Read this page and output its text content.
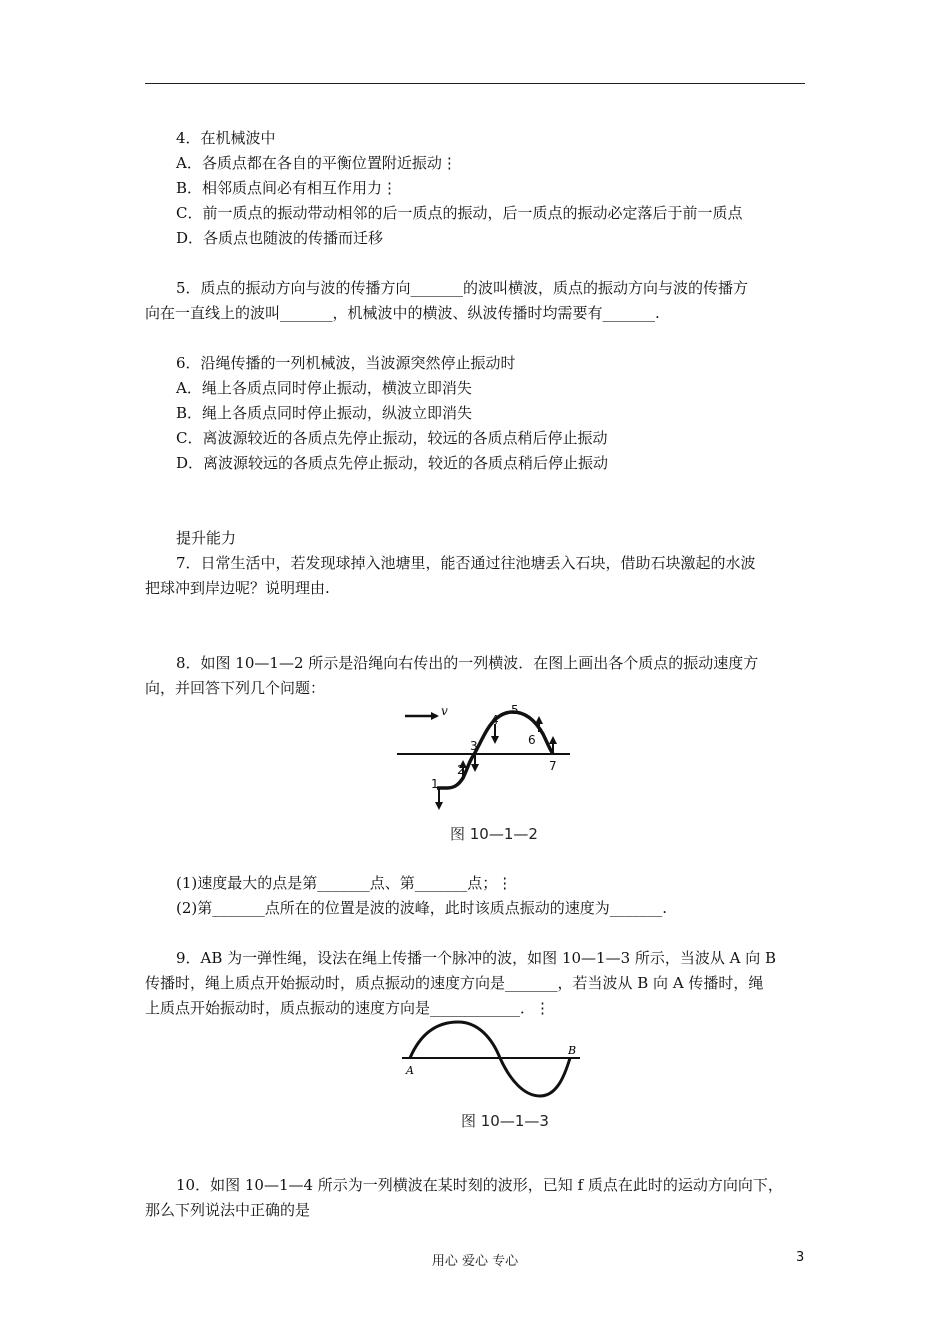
4．在机械波中
A．各质点都在各自的平衡位置附近振动⋮
B．相邻质点间必有相互作用力⋮
C．前一质点的振动带动相邻的后一质点的振动，后一质点的振动必定落后于前一质点
D．各质点也随波的传播而迁移
5．质点的振动方向与波的传播方向_______的波叫横波，质点的振动方向与波的传播方
向在一直线上的波叫_______，机械波中的横波、纵波传播时均需要有_______.
6．沿绳传播的一列机械波，当波源突然停止振动时
A．绳上各质点同时停止振动，横波立即消失
B．绳上各质点同时停止振动，纵波立即消失
C．离波源较近的各质点先停止振动，较远的各质点稍后停止振动
D．离波源较远的各质点先停止振动，较近的各质点稍后停止振动
提升能力
7．日常生活中，若发现球掉入池塘里，能否通过往池塘丢入石块，借助石块激起的水波
把球冲到岸边呢？说明理由.
8．如图 10—1—2 所示是沿绳向右传出的一列横波．在图上画出各个质点的振动速度方
向，并回答下列几个问题：
v
1
2
3
4
5
6
7
图 10—1—2
(1)速度最大的点是第_______点、第_______点；⋮
(2)第_______点所在的位置是波的波峰，此时该质点振动的速度为_______.
9．AB 为一弹性绳，设法在绳上传播一个脉冲的波，如图 10—1—3 所示，当波从 A 向 B
传播时，绳上质点开始振动时，质点振动的速度方向是_______，若当波从 B 向 A 传播时，绳
上质点开始振动时，质点振动的速度方向是____________．⋮
A
B
图 10—1—3
10．如图 10—1—4 所示为一列横波在某时刻的波形，已知 f 质点在此时的运动方向向下，
那么下列说法中正确的是
用心 爱心 专心	3
